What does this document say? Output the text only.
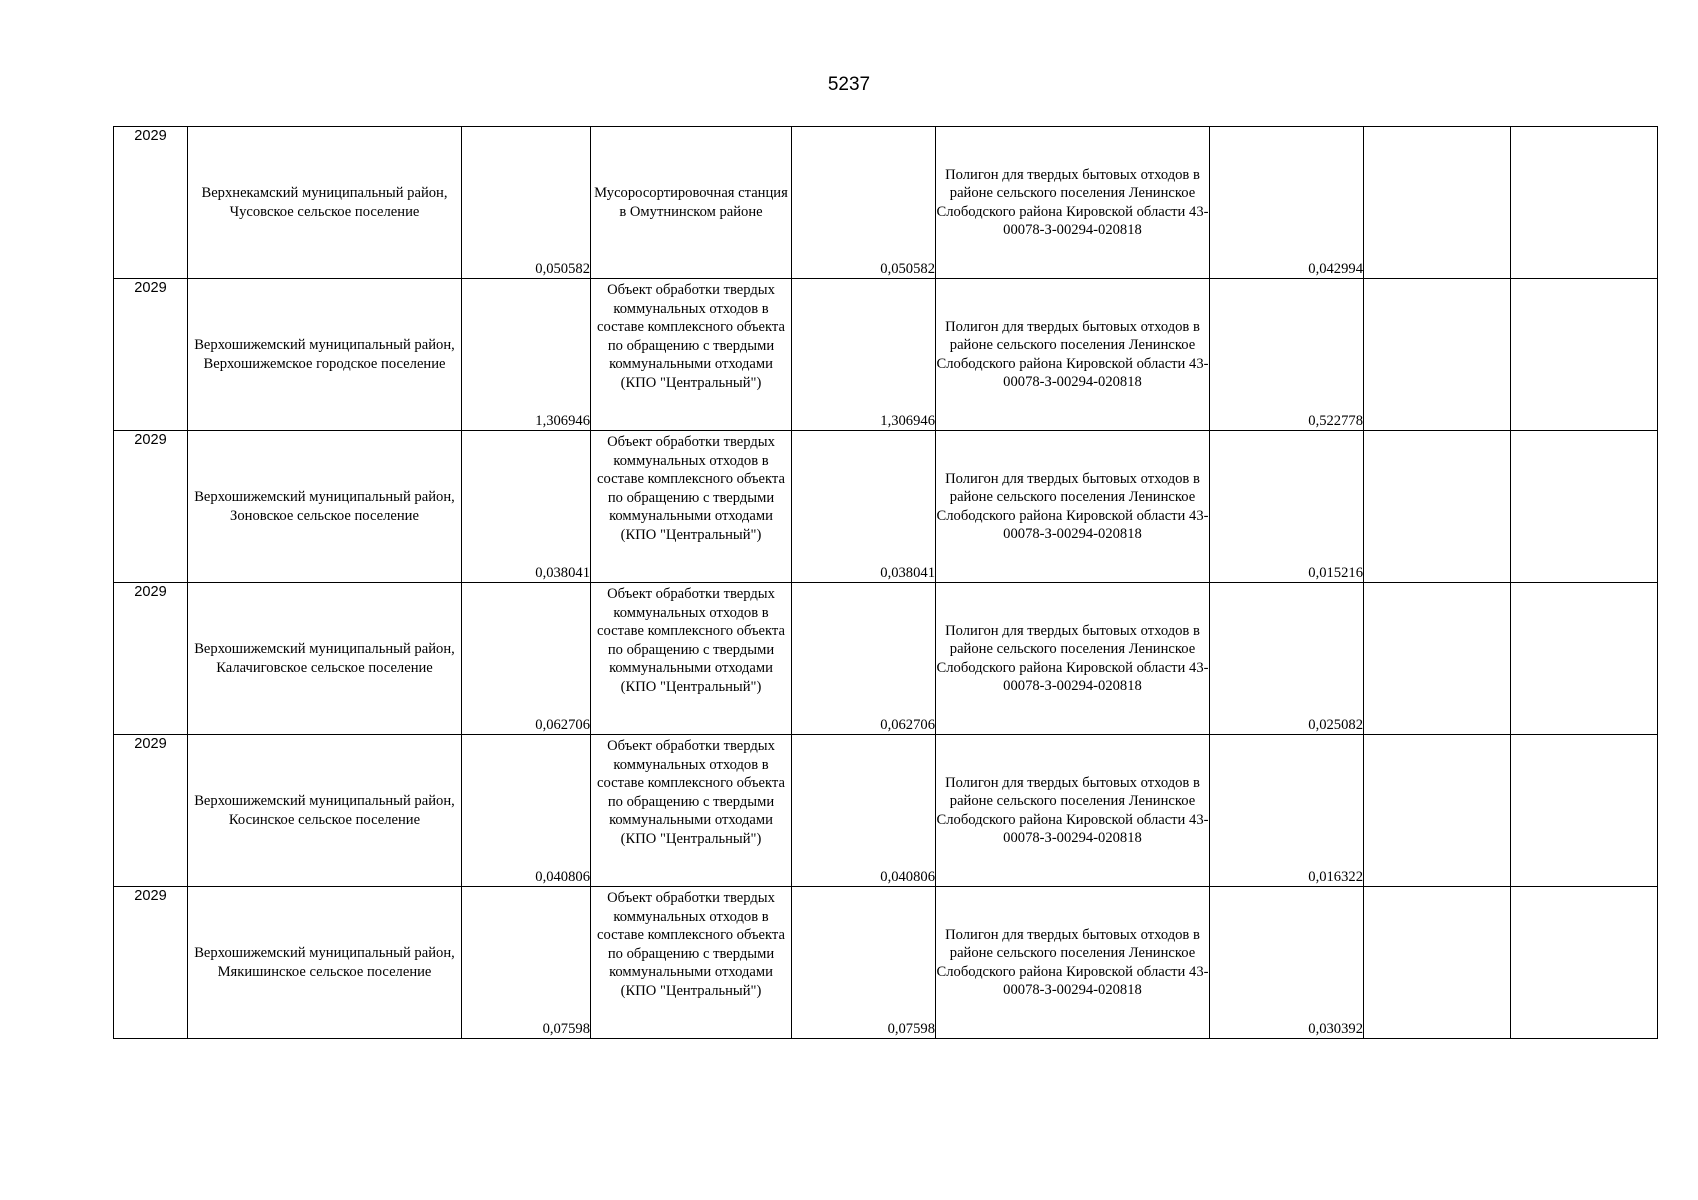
5237
2029	Верхнекамский муниципальный район, Чусовское сельское поселение	0,050582	Мусоросортировочная станция в Омутнинском районе	0,050582	Полигон для твердых бытовых отходов в районе сельского поселения Ленинское Слободского района Кировской области 43-00078-З-00294-020818	0,042994		
2029	Верхошижемский муниципальный район, Верхошижемское городское поселение	1,306946	Объект обработки твердых коммунальных отходов в составе комплексного объекта по обращению с твердыми коммунальными отходами (КПО "Центральный")	1,306946	Полигон для твердых бытовых отходов в районе сельского поселения Ленинское Слободского района Кировской области 43-00078-З-00294-020818	0,522778		
2029	Верхошижемский муниципальный район, Зоновское сельское поселение	0,038041	Объект обработки твердых коммунальных отходов в составе комплексного объекта по обращению с твердыми коммунальными отходами (КПО "Центральный")	0,038041	Полигон для твердых бытовых отходов в районе сельского поселения Ленинское Слободского района Кировской области 43-00078-З-00294-020818	0,015216		
2029	Верхошижемский муниципальный район, Калачиговское сельское поселение	0,062706	Объект обработки твердых коммунальных отходов в составе комплексного объекта по обращению с твердыми коммунальными отходами (КПО "Центральный")	0,062706	Полигон для твердых бытовых отходов в районе сельского поселения Ленинское Слободского района Кировской области 43-00078-З-00294-020818	0,025082		
2029	Верхошижемский муниципальный район, Косинское сельское поселение	0,040806	Объект обработки твердых коммунальных отходов в составе комплексного объекта по обращению с твердыми коммунальными отходами (КПО "Центральный")	0,040806	Полигон для твердых бытовых отходов в районе сельского поселения Ленинское Слободского района Кировской области 43-00078-З-00294-020818	0,016322		
2029	Верхошижемский муниципальный район, Мякишинское сельское поселение	0,07598	Объект обработки твердых коммунальных отходов в составе комплексного объекта по обращению с твердыми коммунальными отходами (КПО "Центральный")	0,07598	Полигон для твердых бытовых отходов в районе сельского поселения Ленинское Слободского района Кировской области 43-00078-З-00294-020818	0,030392		
